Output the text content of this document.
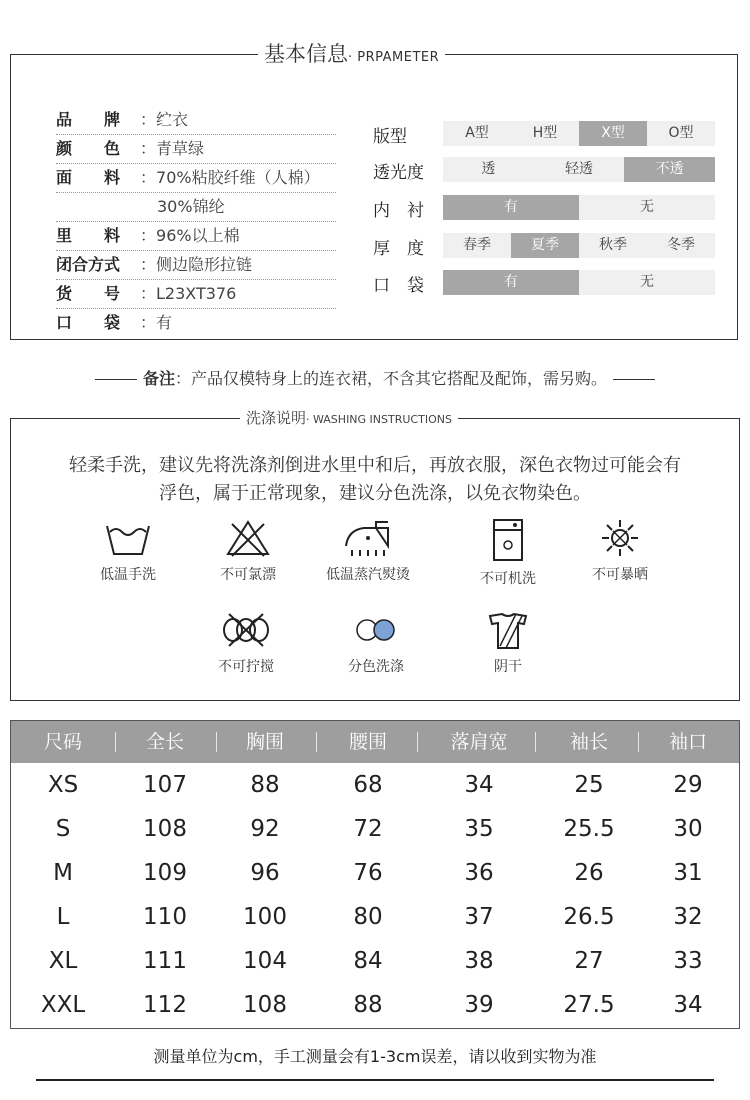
基本信息· PRPAMETER
品　　牌 ：纻衣
颜　　色 ：青草绿
面　　料 ：70%粘胶纤维（人棉）
30%锦纶
里　　料 ：96%以上棉
闭合方式 ：侧边隐形拉链
货　　号 ：L23XT376
口　　袋 ：有
版型	A型	H型	X型	O型
透光度	透	轻透	不透
内　衬	有	无
厚　度	春季	夏季	秋季	冬季
口　袋	有	无
备注：产品仅模特身上的连衣裙，不含其它搭配及配饰，需另购。
洗涤说明· WASHING INSTRUCTIONS
轻柔手洗，建议先将洗涤剂倒进水里中和后，再放衣服，深色衣物过可能会有
浮色，属于正常现象，建议分色洗涤，以免衣物染色。
低温手洗	不可氯漂	低温蒸汽熨烫	不可机洗	不可暴晒
不可拧搅	分色洗涤	阴干
尺码	全长	胸围	腰围	落肩宽	袖长	袖口
XS	107	88	68	34	25	29
S	108	92	72	35	25.5	30
M	109	96	76	36	26	31
L	110	100	80	37	26.5	32
XL	111	104	84	38	27	33
XXL	112	108	88	39	27.5	34
测量单位为cm，手工测量会有1-3cm误差，请以收到实物为准
